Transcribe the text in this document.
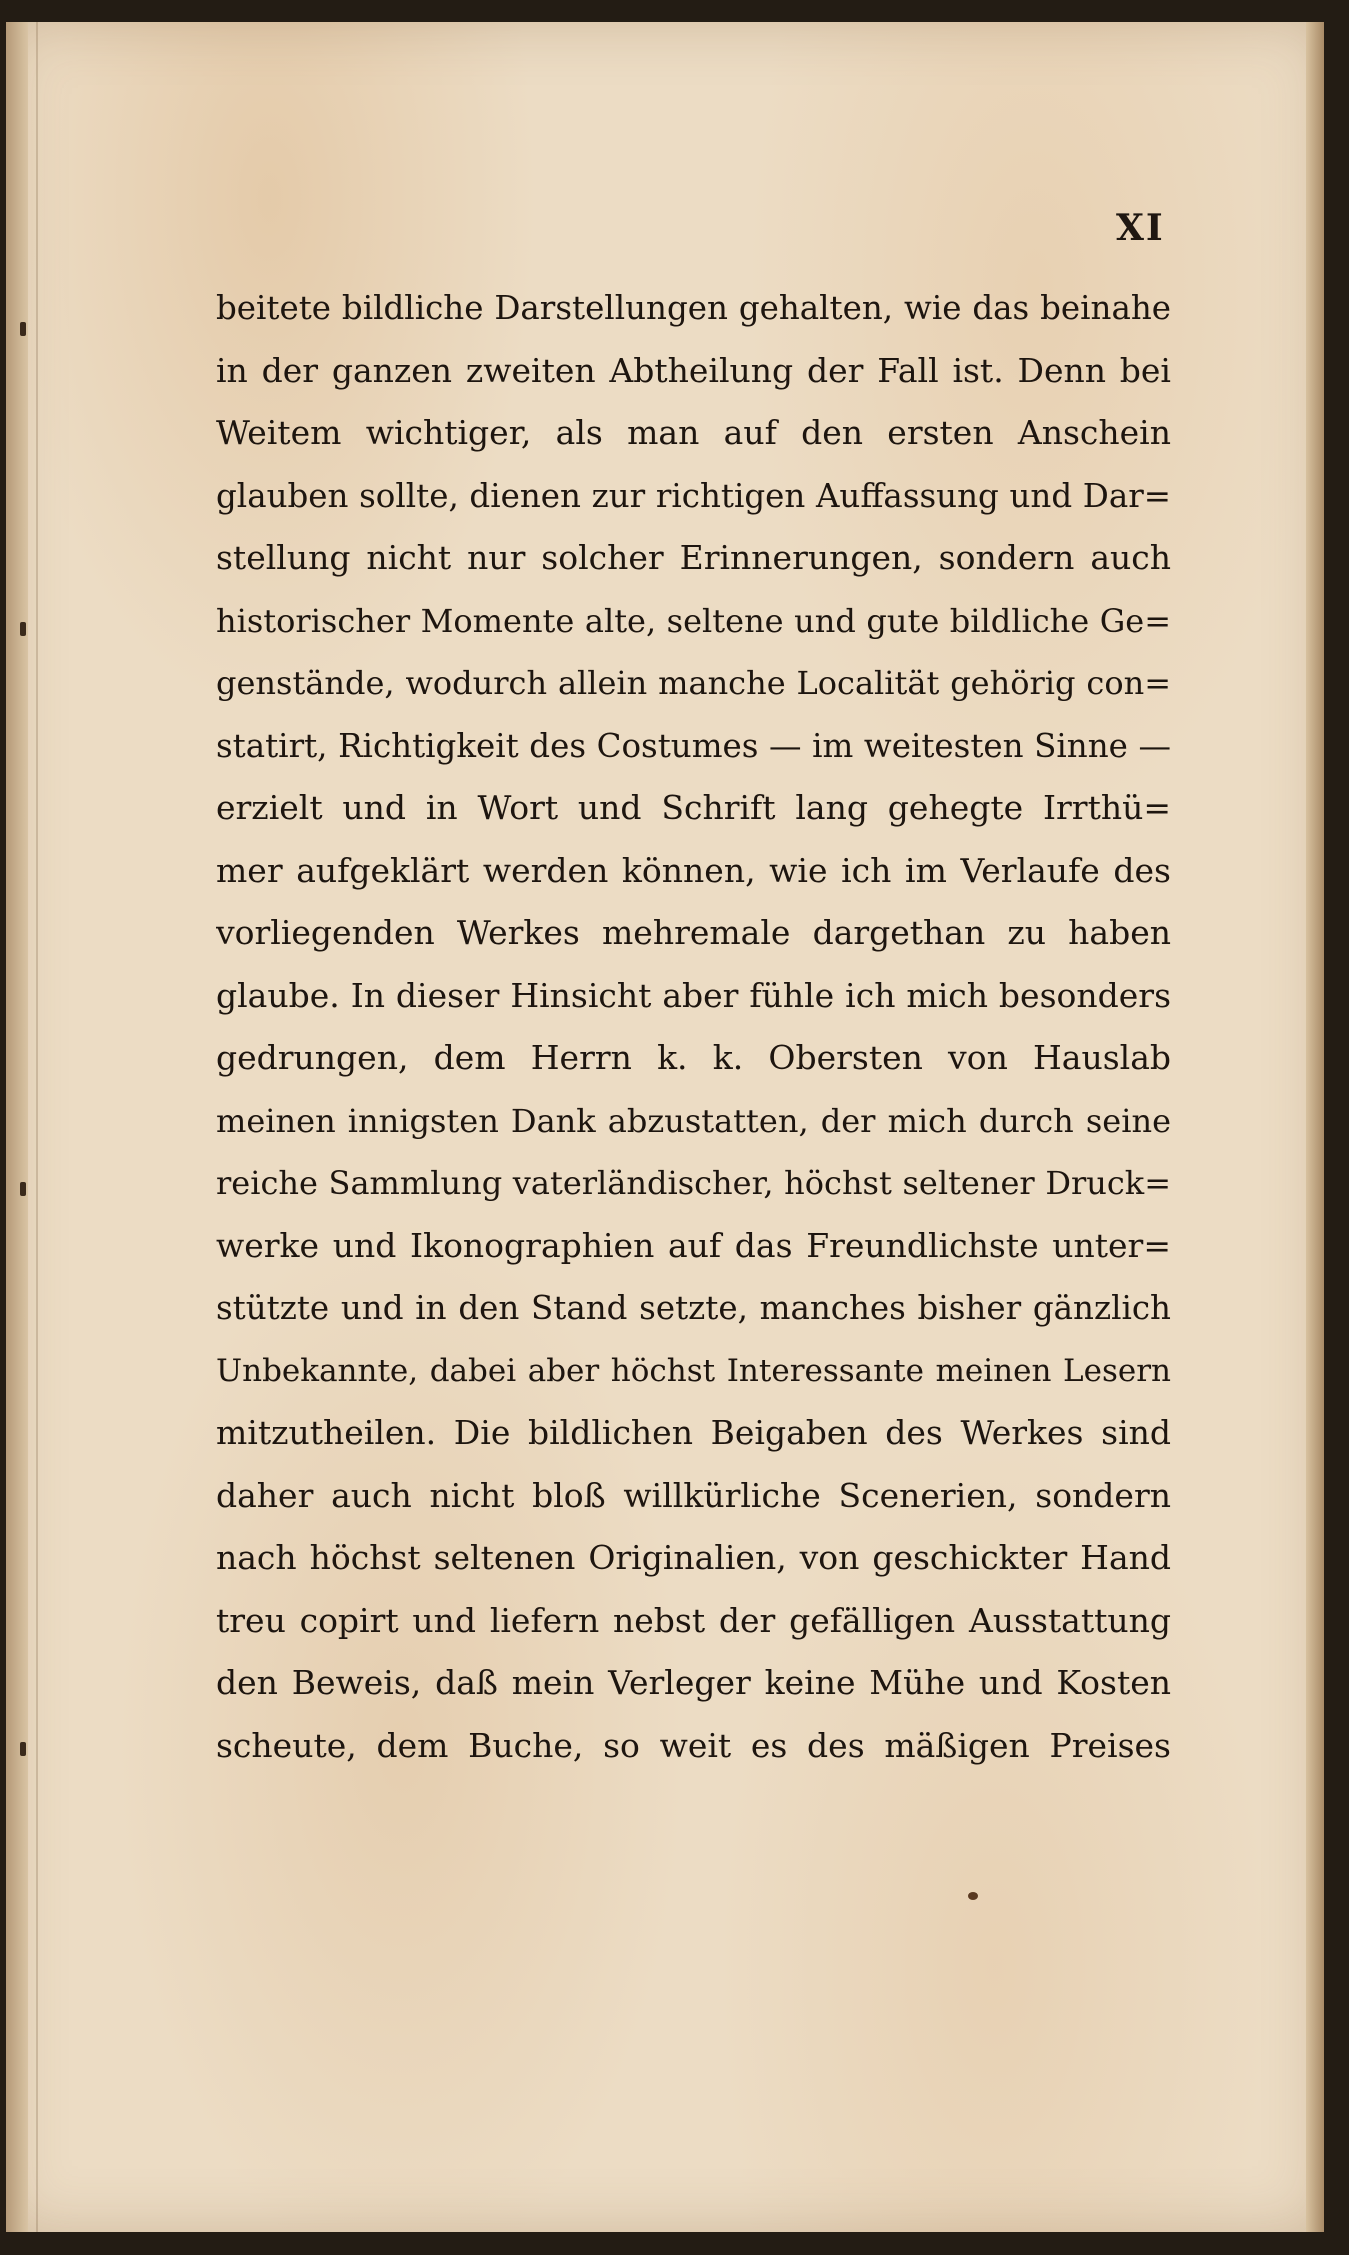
XI
beitete bildliche Darstellungen gehalten, wie das beinahe
in der ganzen zweiten Abtheilung der Fall ist. Denn bei
Weitem wichtiger, als man auf den ersten Anschein
glauben sollte, dienen zur richtigen Auffassung und Dar=
stellung nicht nur solcher Erinnerungen, sondern auch
historischer Momente alte, seltene und gute bildliche Ge=
genstände, wodurch allein manche Localität gehörig con=
statirt, Richtigkeit des Costumes — im weitesten Sinne —
erzielt und in Wort und Schrift lang gehegte Irrthü=
mer aufgeklärt werden können, wie ich im Verlaufe des
vorliegenden Werkes mehremale dargethan zu haben
glaube. In dieser Hinsicht aber fühle ich mich besonders
gedrungen, dem Herrn k. k. Obersten von Hauslab
meinen innigsten Dank abzustatten, der mich durch seine
reiche Sammlung vaterländischer, höchst seltener Druck=
werke und Ikonographien auf das Freundlichste unter=
stützte und in den Stand setzte, manches bisher gänzlich
Unbekannte, dabei aber höchst Interessante meinen Lesern
mitzutheilen. Die bildlichen Beigaben des Werkes sind
daher auch nicht bloß willkürliche Scenerien, sondern
nach höchst seltenen Originalien, von geschickter Hand
treu copirt und liefern nebst der gefälligen Ausstattung
den Beweis, daß mein Verleger keine Mühe und Kosten
scheute, dem Buche, so weit es des mäßigen Preises
